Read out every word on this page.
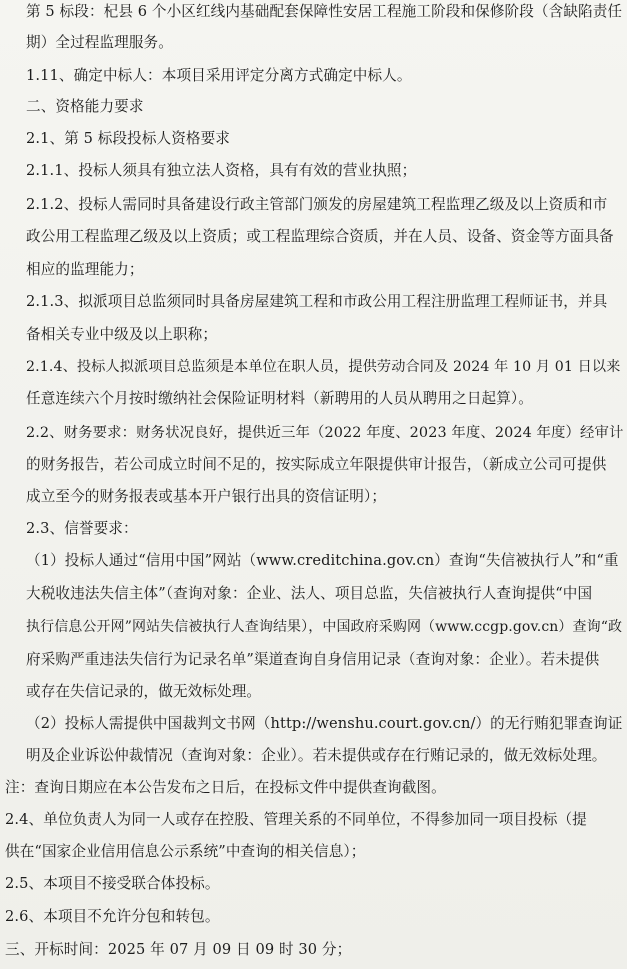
第 5 标段：杞县 6 个小区红线内基础配套保障性安居工程施工阶段和保修阶段（含缺陷责任
期）全过程监理服务。
1.11、确定中标人：本项目采用评定分离方式确定中标人。
二、资格能力要求
2.1、第 5 标段投标人资格要求
2.1.1、投标人须具有独立法人资格，具有有效的营业执照；
2.1.2、投标人需同时具备建设行政主管部门颁发的房屋建筑工程监理乙级及以上资质和市
政公用工程监理乙级及以上资质；或工程监理综合资质，并在人员、设备、资金等方面具备
相应的监理能力；
2.1.3、拟派项目总监须同时具备房屋建筑工程和市政公用工程注册监理工程师证书，并具
备相关专业中级及以上职称；
2.1.4、投标人拟派项目总监须是本单位在职人员，提供劳动合同及 2024 年 10 月 01 日以来
任意连续六个月按时缴纳社会保险证明材料（新聘用的人员从聘用之日起算）。
2.2、财务要求：财务状况良好，提供近三年（2022 年度、2023 年度、2024 年度）经审计
的财务报告，若公司成立时间不足的，按实际成立年限提供审计报告，（新成立公司可提供
成立至今的财务报表或基本开户银行出具的资信证明）；
2.3、信誉要求：
（1）投标人通过“信用中国”网站（www.creditchina.gov.cn）查询“失信被执行人”和“重
大税收违法失信主体”（查询对象：企业、法人、项目总监，失信被执行人查询提供“中国
执行信息公开网”网站失信被执行人查询结果），中国政府采购网（www.ccgp.gov.cn）查询“政
府采购严重违法失信行为记录名单”渠道查询自身信用记录（查询对象：企业）。若未提供
或存在失信记录的，做无效标处理。
（2）投标人需提供中国裁判文书网（http://wenshu.court.gov.cn/）的无行贿犯罪查询证
明及企业诉讼仲裁情况（查询对象：企业）。若未提供或存在行贿记录的，做无效标处理。
注：查询日期应在本公告发布之日后，在投标文件中提供查询截图。
2.4、单位负责人为同一人或存在控股、管理关系的不同单位，不得参加同一项目投标（提
供在“国家企业信用信息公示系统”中查询的相关信息）；
2.5、本项目不接受联合体投标。
2.6、本项目不允许分包和转包。
三、开标时间：2025 年 07 月 09 日 09 时 30 分；
